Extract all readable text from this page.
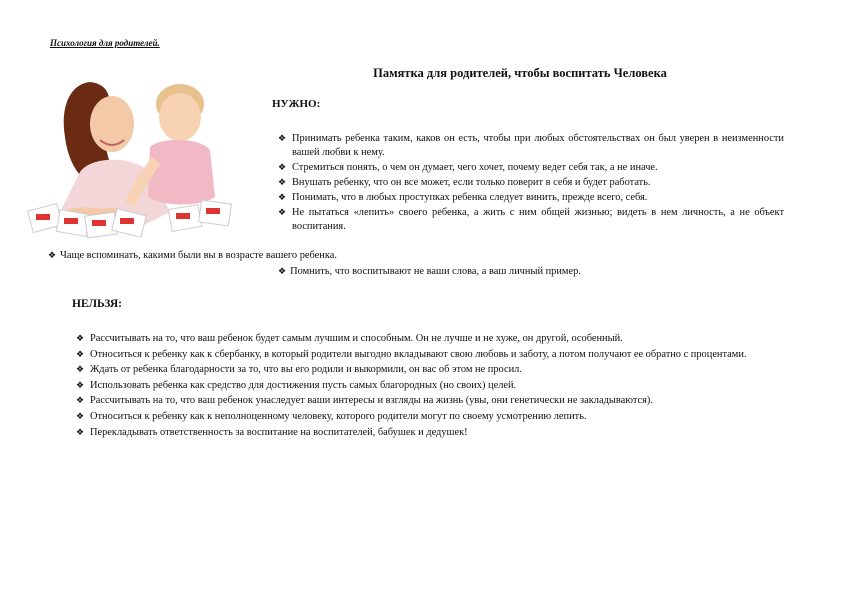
Психология для родителей.
Памятка для родителей, чтобы воспитать Человека
НУЖНО:
❖ Принимать ребенка таким, каков он есть, чтобы при любых обстоятельствах он был уверен в неизменности вашей любви к нему.
❖ Стремиться понять, о чем он думает, чего хочет, почему ведет себя так, а не иначе.
❖ Внушать ребенку, что он все может, если только поверит в себя и будет работать.
❖ Понимать, что в любых проступках ребенка следует винить, прежде всего, себя.
❖ Не пытаться «лепить» своего ребенка, а жить с ним общей жизнью; видеть в нем личность, а не объект воспитания.
❖ Чаще вспоминать, какими были вы в возрасте вашего ребенка.
❖ Помнить, что воспитывают не ваши слова, а ваш личный пример.
НЕЛЬЗЯ:
❖ Рассчитывать на то, что ваш ребенок будет самым лучшим и способным. Он не лучше и не хуже, он другой, особенный.
❖ Относиться к ребенку как к сбербанку, в который родители выгодно вкладывают свою любовь и заботу, а потом получают ее обратно с процентами.
❖ Ждать от ребенка благодарности за то, что вы его родили и выкормили, он вас об этом не просил.
❖ Использовать ребенка как средство для достижения пусть самых благородных (но своих) целей.
❖ Рассчитывать на то, что ваш ребенок унаследует ваши интересы и взгляды на жизнь (увы, они генетически не закладываются).
❖ Относиться к ребенку как к неполноценному человеку, которого родители могут по своему усмотрению лепить.
❖ Перекладывать ответственность за воспитание на воспитателей, бабушек и дедушек!
